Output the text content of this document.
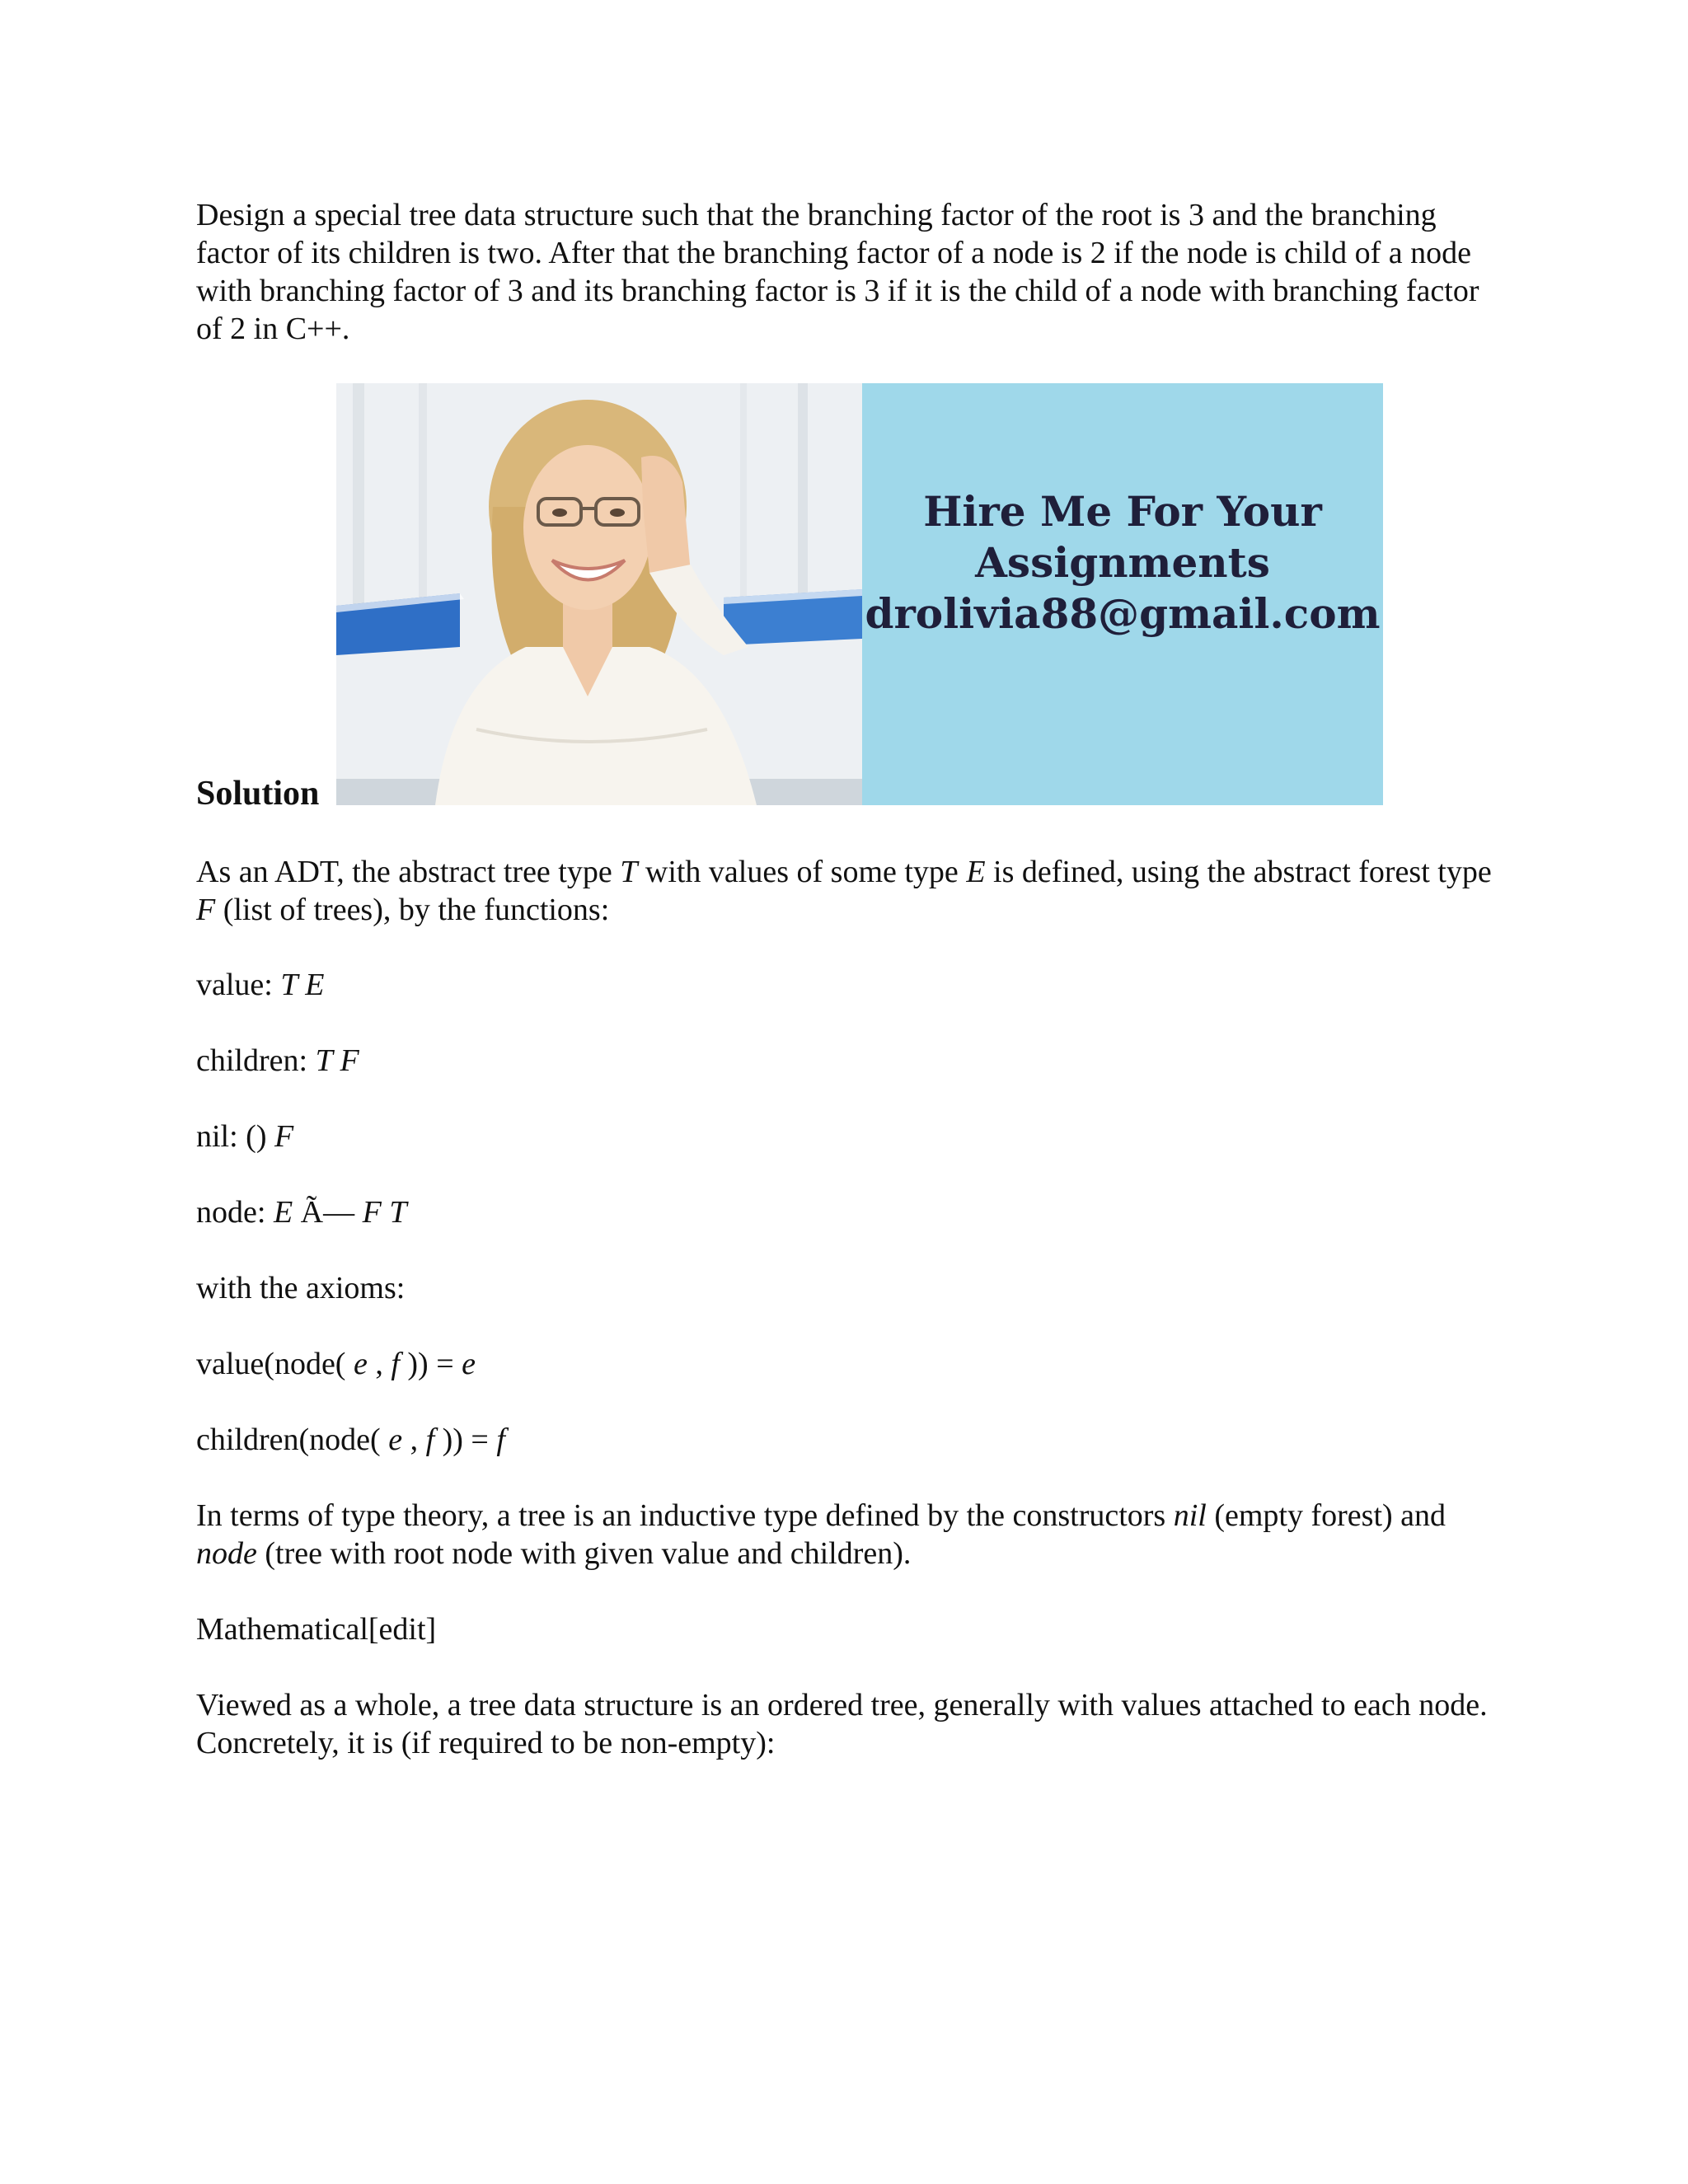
Design a special tree data structure such that the branching factor of the root is 3 and the branching factor of its children is two. After that the branching factor of a node is 2 if the node is child of a node with branching factor of 3 and its branching factor is 3 if it is the child of a node with branching factor of 2 in C++.

Hire Me For Your
Assignments
drolivia88@gmail.com
Solution

As an ADT, the abstract tree type T with values of some type E is defined, using the abstract forest type F (list of trees), by the functions:

value: T E

children: T F

nil: () F

node: E Ã— F T

with the axioms:

value(node( e , f )) = e

children(node( e , f )) = f

In terms of type theory, a tree is an inductive type defined by the constructors nil (empty forest) and node (tree with root node with given value and children).

Mathematical[edit]

Viewed as a whole, a tree data structure is an ordered tree, generally with values attached to each node. Concretely, it is (if required to be non-empty):
